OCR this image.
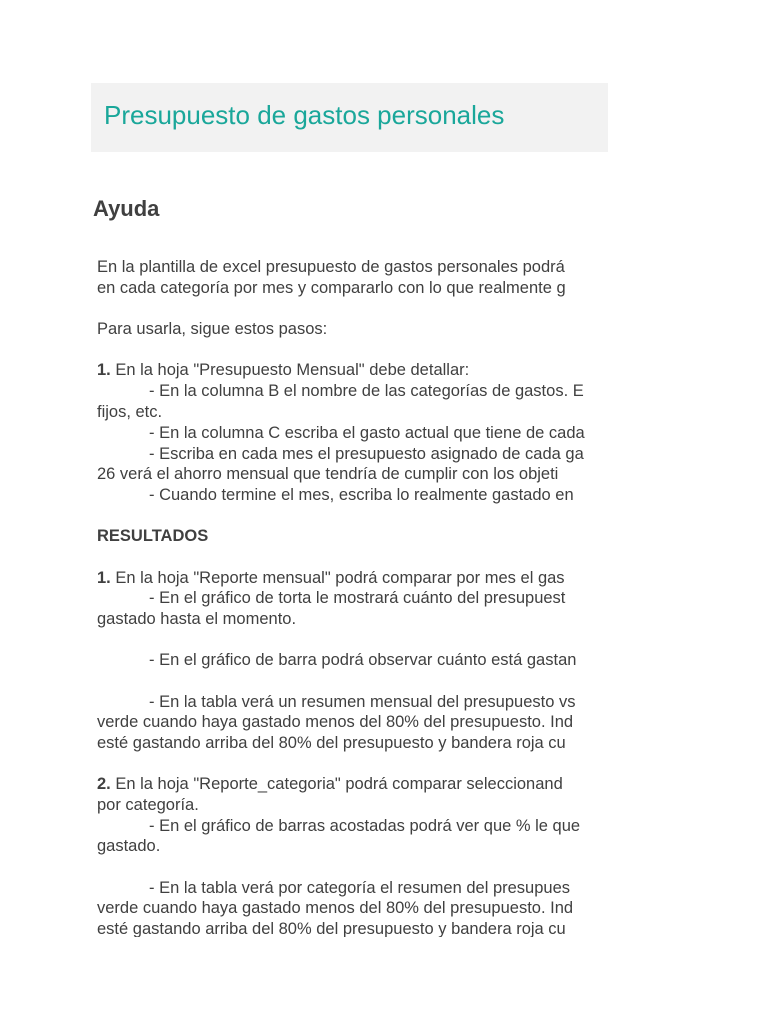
Presupuesto de gastos personales
Ayuda
En la plantilla de excel presupuesto de gastos personales podrá
en cada categoría por mes y compararlo con lo que realmente g
Para usarla, sigue estos pasos:
1. En la hoja "Presupuesto Mensual" debe detallar:
- En la columna B el nombre de las categorías de gastos. E
fijos, etc.
- En la columna C escriba el gasto actual que tiene de cada
- Escriba en cada mes el presupuesto asignado de cada ga
26 verá el ahorro mensual que tendría de cumplir con los objeti
- Cuando termine el mes, escriba lo realmente gastado en
RESULTADOS
1. En la hoja "Reporte mensual" podrá comparar por mes el gas
- En el gráfico de torta le mostrará cuánto del presupuest
gastado hasta el momento.
- En el gráfico de barra podrá observar cuánto está gastan
- En la tabla verá un resumen mensual del presupuesto vs
verde cuando haya gastado menos del 80% del presupuesto. Ind
esté gastando arriba del 80% del presupuesto y bandera roja cu
2. En la hoja "Reporte_categoria" podrá comparar seleccionand
por categoría.
- En el gráfico de barras acostadas podrá ver que % le que
gastado.
- En la tabla verá por categoría el resumen del presupues
verde cuando haya gastado menos del 80% del presupuesto. Ind
esté gastando arriba del 80% del presupuesto y bandera roja cu
